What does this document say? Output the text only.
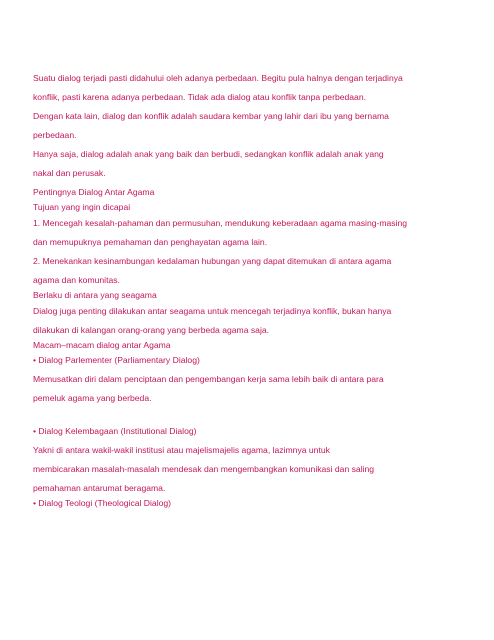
Suatu dialog terjadi pasti didahului oleh adanya perbedaan. Begitu pula halnya dengan terjadinya

konflik, pasti karena adanya perbedaan. Tidak ada dialog atau konflik tanpa perbedaan.

Dengan kata lain, dialog dan konflik adalah saudara kembar yang lahir dari ibu yang bernama

perbedaan.

Hanya saja, dialog adalah anak yang baik dan berbudi, sedangkan konflik adalah anak yang

nakal dan perusak.

Pentingnya Dialog Antar Agama

Tujuan yang ingin dicapai

1. Mencegah kesalah-pahaman dan permusuhan, mendukung keberadaan agama masing-masing

dan memupuknya pemahaman dan penghayatan agama lain.

2. Menekankan kesinambungan kedalaman hubungan yang dapat ditemukan di antara agama

agama dan komunitas.

Berlaku di antara yang seagama

Dialog juga penting dilakukan antar seagama untuk mencegah terjadinya konflik, bukan hanya

dilakukan di kalangan orang-orang yang berbeda agama saja.

Macam–macam dialog antar Agama

• Dialog Parlementer (Parliamentary Dialog)

Memusatkan diri dalam penciptaan dan pengembangan kerja sama lebih baik di antara para

pemeluk agama yang berbeda.

• Dialog Kelembagaan (Institutional Dialog)

Yakni di antara wakil-wakil institusi atau majelismajelis agama, lazimnya untuk

membicarakan masalah-masalah mendesak dan mengembangkan komunikasi dan saling

pemahaman antarumat beragama.

• Dialog Teologi (Theological Dialog)
